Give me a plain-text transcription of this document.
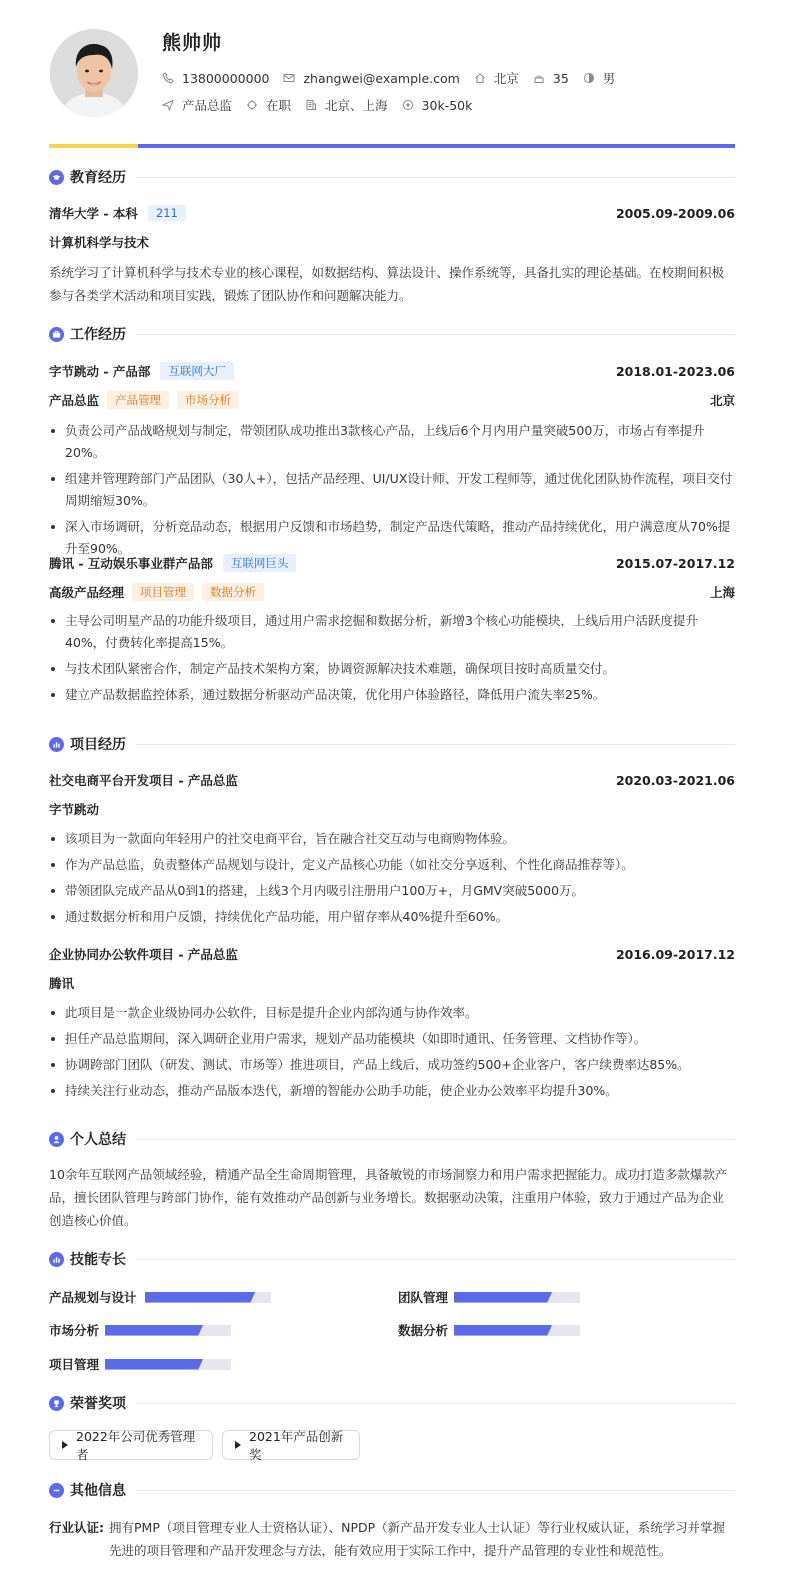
熊帅帅
13800000000	zhangwei@example.com	北京	35	男
产品总监	在职	北京、上海	30k-50k
教育经历
清华大学 - 本科	211	2005.09-2009.06
计算机科学与技术
系统学习了计算机科学与技术专业的核心课程，如数据结构、算法设计、操作系统等，具备扎实的理论基础。在校期间积极参与各类学术活动和项目实践，锻炼了团队协作和问题解决能力。
工作经历
字节跳动 - 产品部	互联网大厂	2018.01-2023.06
产品总监	产品管理	市场分析	北京
负责公司产品战略规划与制定，带领团队成功推出3款核心产品，上线后6个月内用户量突破500万，市场占有率提升20%。
组建并管理跨部门产品团队（30人+），包括产品经理、UI/UX设计师、开发工程师等，通过优化团队协作流程，项目交付周期缩短30%。
深入市场调研，分析竞品动态，根据用户反馈和市场趋势，制定产品迭代策略，推动产品持续优化，用户满意度从70%提升至90%。
腾讯 - 互动娱乐事业群产品部	互联网巨头	2015.07-2017.12
高级产品经理	项目管理	数据分析	上海
主导公司明星产品的功能升级项目，通过用户需求挖掘和数据分析，新增3个核心功能模块，上线后用户活跃度提升40%，付费转化率提高15%。
与技术团队紧密合作，制定产品技术架构方案，协调资源解决技术难题，确保项目按时高质量交付。
建立产品数据监控体系，通过数据分析驱动产品决策，优化用户体验路径，降低用户流失率25%。
项目经历
社交电商平台开发项目 - 产品总监	2020.03-2021.06
字节跳动
该项目为一款面向年轻用户的社交电商平台，旨在融合社交互动与电商购物体验。
作为产品总监，负责整体产品规划与设计，定义产品核心功能（如社交分享返利、个性化商品推荐等）。
带领团队完成产品从0到1的搭建，上线3个月内吸引注册用户100万+，月GMV突破5000万。
通过数据分析和用户反馈，持续优化产品功能，用户留存率从40%提升至60%。
企业协同办公软件项目 - 产品总监	2016.09-2017.12
腾讯
此项目是一款企业级协同办公软件，目标是提升企业内部沟通与协作效率。
担任产品总监期间，深入调研企业用户需求，规划产品功能模块（如即时通讯、任务管理、文档协作等）。
协调跨部门团队（研发、测试、市场等）推进项目，产品上线后，成功签约500+企业客户，客户续费率达85%。
持续关注行业动态，推动产品版本迭代，新增的智能办公助手功能，使企业办公效率平均提升30%。
个人总结
10余年互联网产品领域经验，精通产品全生命周期管理，具备敏锐的市场洞察力和用户需求把握能力。成功打造多款爆款产品，擅长团队管理与跨部门协作，能有效推动产品创新与业务增长。数据驱动决策，注重用户体验，致力于通过产品为企业创造核心价值。
技能专长
产品规划与设计	团队管理
市场分析	数据分析
项目管理
荣誉奖项
2022年公司优秀管理者
2021年产品创新奖
其他信息
行业认证: 拥有PMP（项目管理专业人士资格认证）、NPDP（新产品开发专业人士认证）等行业权威认证，系统学习并掌握先进的项目管理和产品开发理念与方法，能有效应用于实际工作中，提升产品管理的专业性和规范性。
